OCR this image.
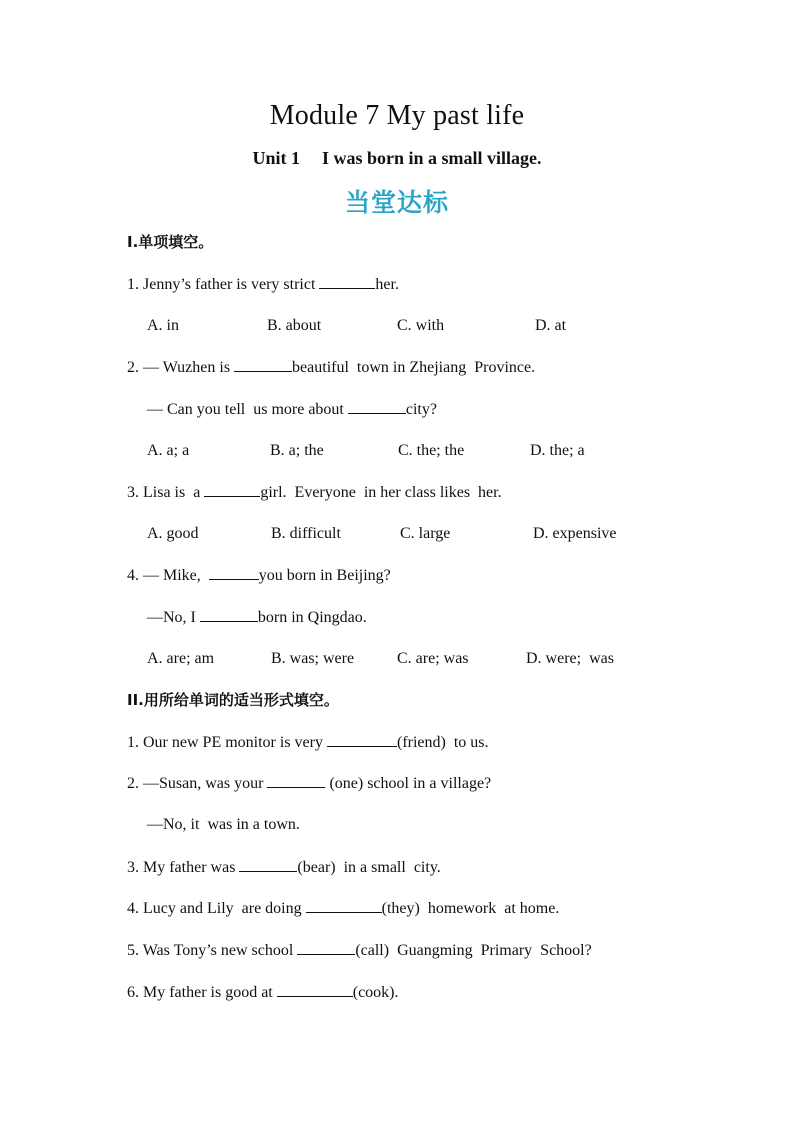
Module 7 My past life
Unit 1 I was born in a small village.
当堂达标
I.单项填空。
1. Jenny’s father is very strict	her.
A. in	B. about	C. with	D. at
2. — Wuzhen is	beautiful  town in Zhejiang  Province.
— Can you tell  us more about	city?
A. a; a	B. a; the	C. the; the	D. the; a
3. Lisa is  a	girl.  Everyone  in her class likes  her.
A. good	B. difficult	C. large	D. expensive
4. — Mike,	you born in Beijing?
—No, I	born in Qingdao.
A. are; am	B. was; were	C. are; was	D. were;  was
II.用所给单词的适当形式填空。
1. Our new PE monitor is very	(friend)  to us.
2. —Susan, was your	(one) school in a village?
—No, it  was in a town.
3. My father was	(bear)  in a small  city.
4. Lucy and Lily  are doing	(they)  homework  at home.
5. Was Tony’s new school	(call)  Guangming  Primary  School?
6. My father is good at	(cook).
